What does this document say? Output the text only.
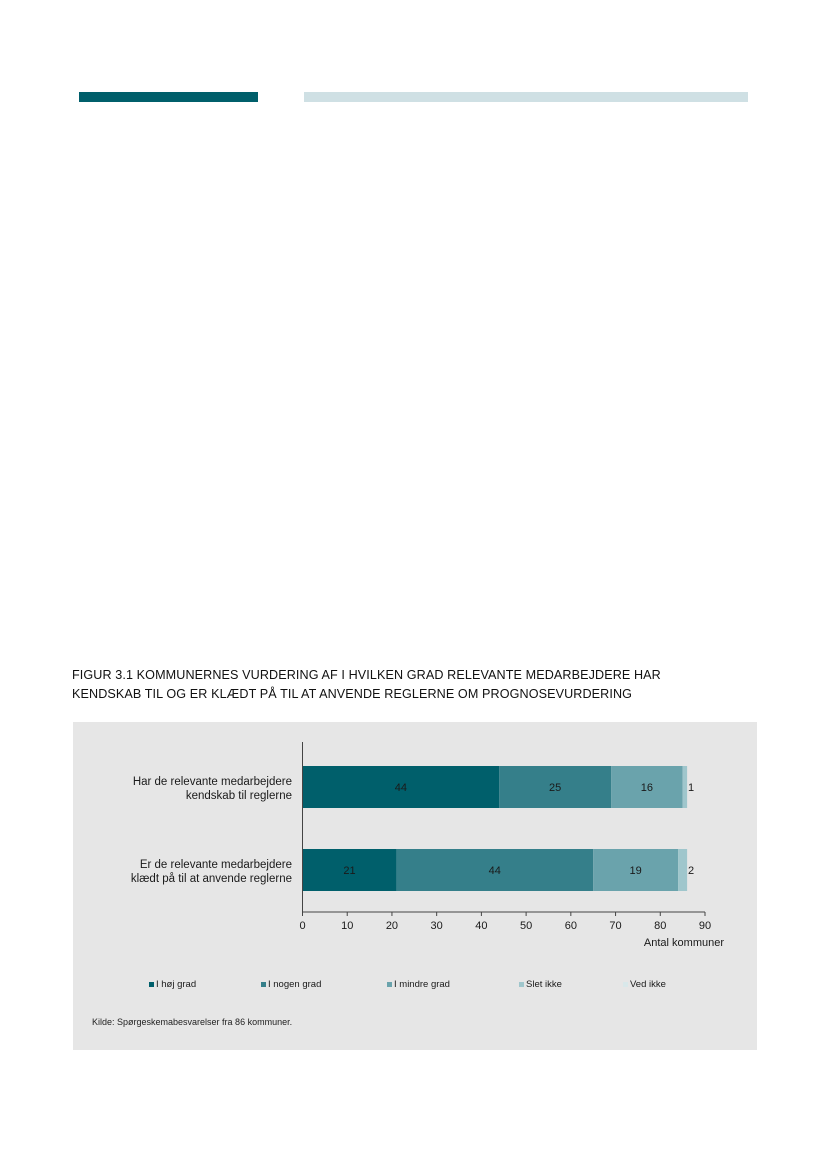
FIGUR 3.1 KOMMUNERNES VURDERING AF I HVILKEN GRAD RELEVANTE MEDARBEJDERE HAR
KENDSKAB TIL OG ER KLÆDT PÅ TIL AT ANVENDE REGLERNE OM PROGNOSEVURDERING
44	25	16	1
Har de relevante medarbejdere
kendskab til reglerne
21	44	19	2
Er de relevante medarbejdere
klædt på til at anvende reglerne
0	10	20	30	40	50	60	70	80	90
Antal kommuner
I høj grad	I nogen grad	I mindre grad	Slet ikke	Ved ikke
Kilde: Spørgeskemabesvarelser fra 86 kommuner.
